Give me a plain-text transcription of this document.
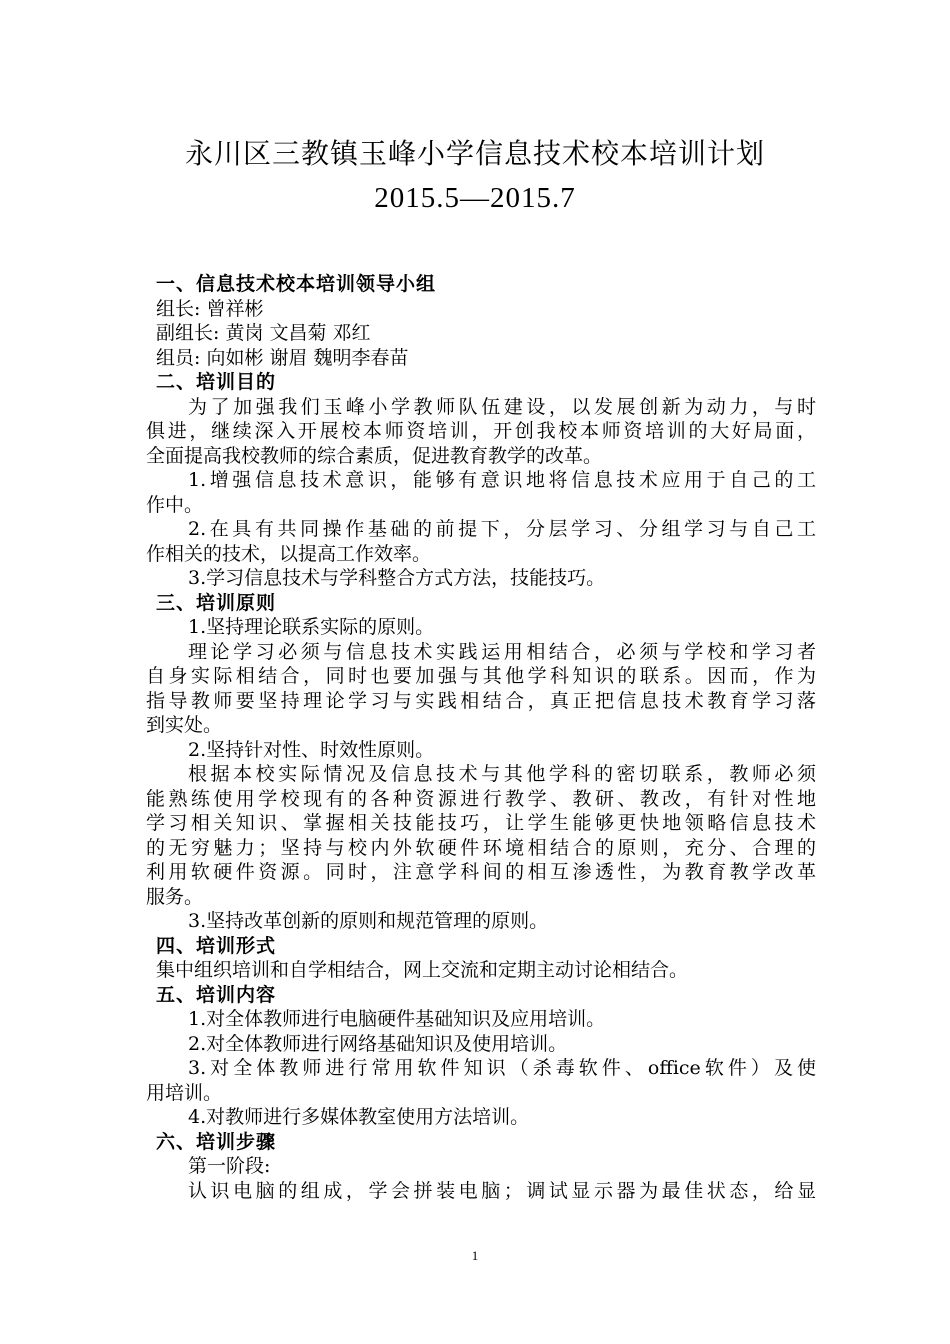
永川区三教镇玉峰小学信息技术校本培训计划
2015.5—2015.7
一、信息技术校本培训领导小组
组长: 曾祥彬
副组长: 黄岗 文昌菊 邓红
组员: 向如彬 谢眉 魏明李春苗
二、培训目的
为了加强我们玉峰小学教师队伍建设，以发展创新为动力，与时
俱进，继续深入开展校本师资培训，开创我校本师资培训的大好局面，
全面提高我校教师的综合素质，促进教育教学的改革。
1.增强信息技术意识，能够有意识地将信息技术应用于自己的工
作中。
2.在具有共同操作基础的前提下，分层学习、分组学习与自己工
作相关的技术，以提高工作效率。
3.学习信息技术与学科整合方式方法，技能技巧。
三、培训原则
1.坚持理论联系实际的原则。
理论学习必须与信息技术实践运用相结合，必须与学校和学习者
自身实际相结合，同时也要加强与其他学科知识的联系。因而，作为
指导教师要坚持理论学习与实践相结合，真正把信息技术教育学习落
到实处。
2.坚持针对性、时效性原则。
根据本校实际情况及信息技术与其他学科的密切联系，教师必须
能熟练使用学校现有的各种资源进行教学、教研、教改，有针对性地
学习相关知识、掌握相关技能技巧，让学生能够更快地领略信息技术
的无穷魅力；坚持与校内外软硬件环境相结合的原则，充分、合理的
利用软硬件资源。同时，注意学科间的相互渗透性，为教育教学改革
服务。
3.坚持改革创新的原则和规范管理的原则。
四、培训形式
集中组织培训和自学相结合，网上交流和定期主动讨论相结合。
五、培训内容
1.对全体教师进行电脑硬件基础知识及应用培训。
2.对全体教师进行网络基础知识及使用培训。
3.对全体教师进行常用软件知识（杀毒软件、office软件）及使
用培训。
4.对教师进行多媒体教室使用方法培训。
六、培训步骤
第一阶段:
认识电脑的组成，学会拼装电脑；调试显示器为最佳状态，给显
1
